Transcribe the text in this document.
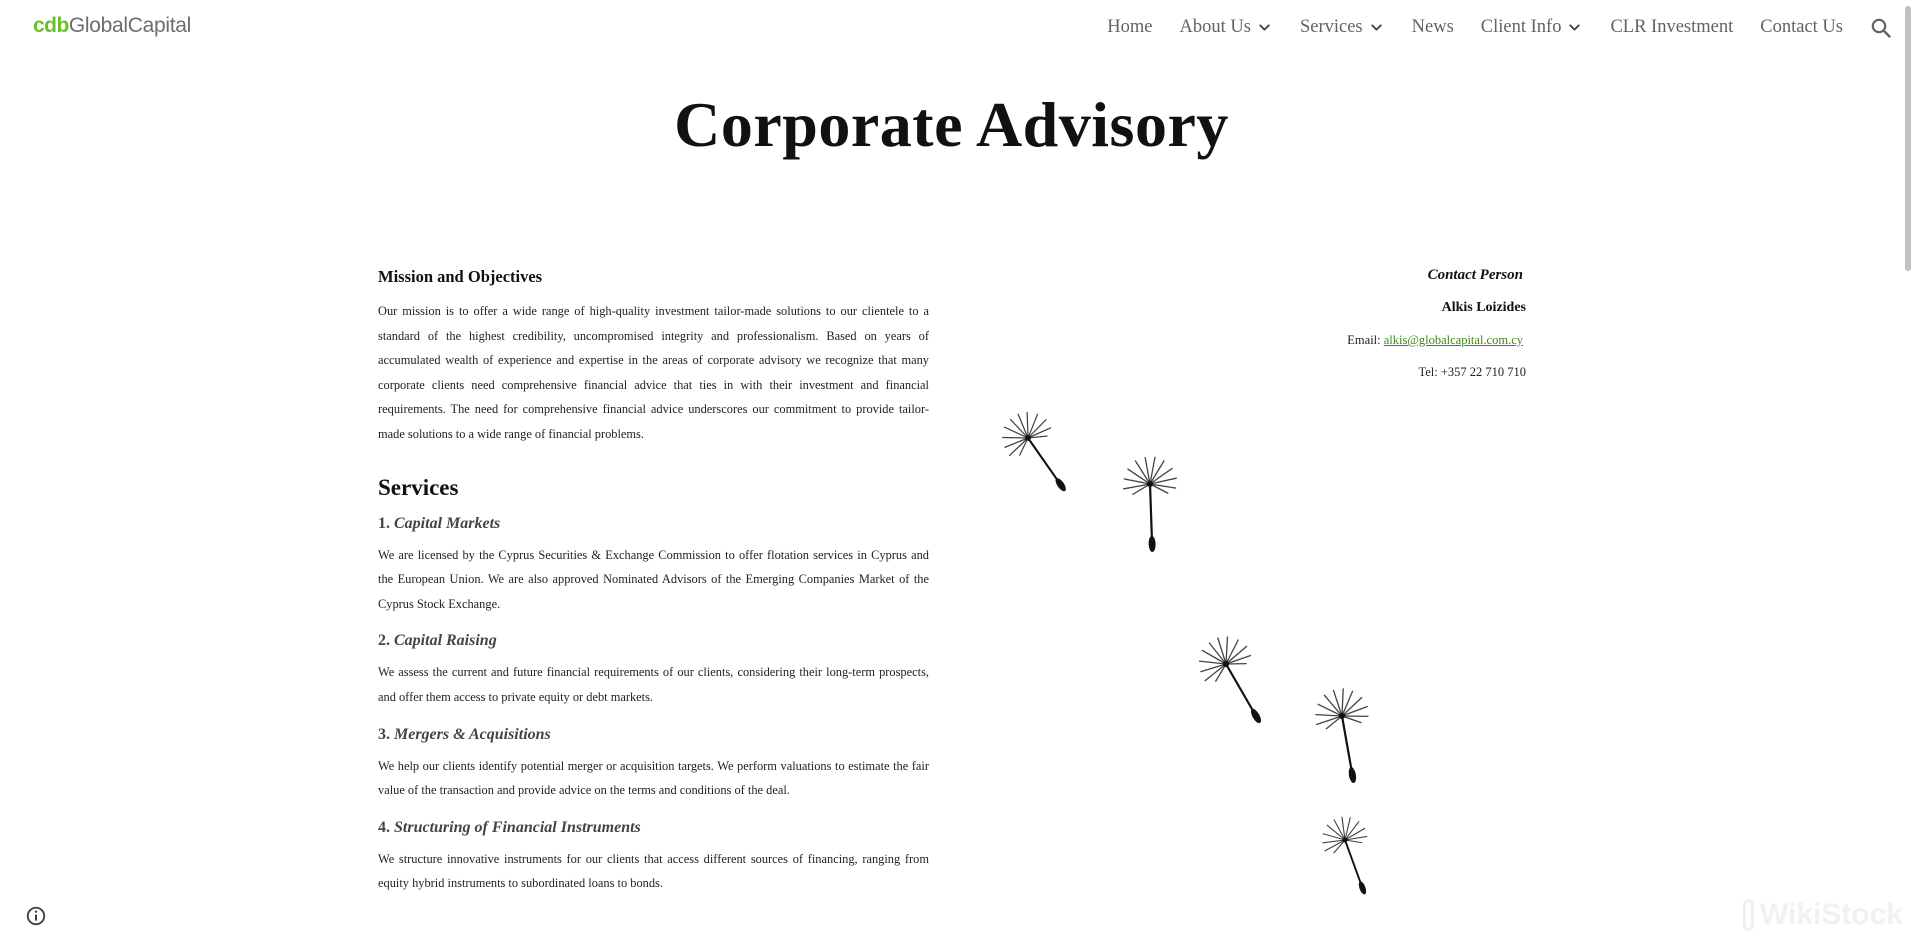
cdbGlobalCapital	Home About Us	Services	News Client Info	CLR Investment Contact Us
Corporate Advisory
Mission and Objectives

Our mission is to offer a wide range of high-quality investment tailor-made solutions to our clientele to a standard of the highest credibility, uncompromised integrity and professionalism. Based on years of accumulated wealth of experience and expertise in the areas of corporate advisory we recognize that many corporate clients need comprehensive financial advice that ties in with their investment and financial requirements. The need for comprehensive financial advice underscores our commitment to provide tailor-made solutions to a wide range of financial problems.

Services
1. Capital Markets

We are licensed by the Cyprus Securities & Exchange Commission to offer flotation services in Cyprus and the European Union. We are also approved Nominated Advisors of the Emerging Companies Market of the Cyprus Stock Exchange.

2. Capital Raising

We assess the current and future financial requirements of our clients, considering their long-term prospects, and offer them access to private equity or debt markets.

3. Mergers & Acquisitions

We help our clients identify potential merger or acquisition targets. We perform valuations to estimate the fair value of the transaction and provide advice on the terms and conditions of the deal.

4. Structuring of Financial Instruments

We structure innovative instruments for our clients that access different sources of financing, ranging from equity hybrid instruments to subordinated loans to bonds.

Contact Person
Alkis Loizides
Email: alkis@globalcapital.com.cy
Tel: +357 22 710 710
WikiStock
